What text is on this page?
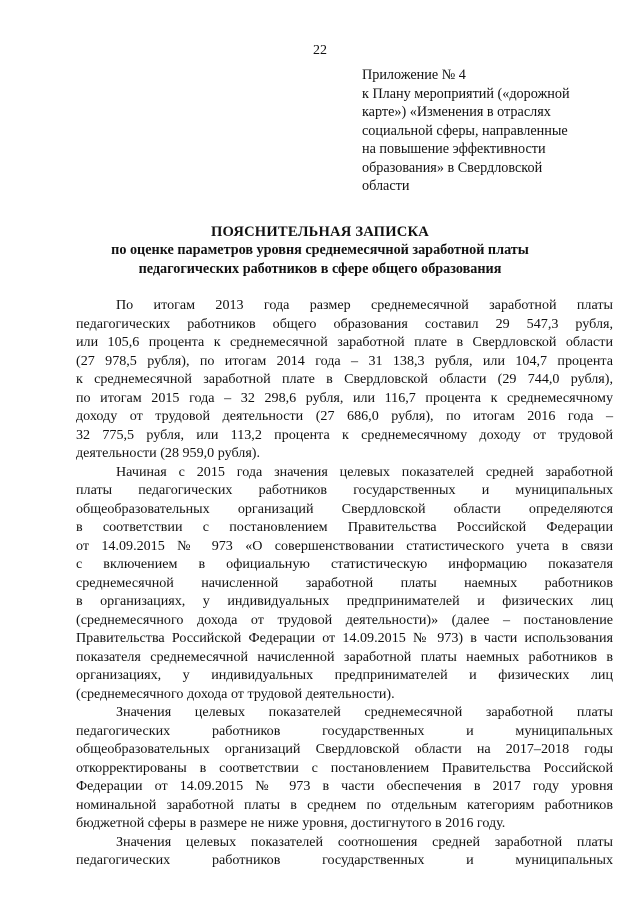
22
Приложение № 4
к Плану мероприятий («дорожной
карте») «Изменения в отраслях
социальной сферы, направленные
на повышение эффективности
образования» в Свердловской
области
ПОЯСНИТЕЛЬНАЯ ЗАПИСКА
по оценке параметров уровня среднемесячной заработной платы
педагогических работников в сфере общего образования
По итогам 2013 года размер среднемесячной заработной платы
педагогических работников общего образования составил 29 547,3 рубля,
или 105,6 процента к среднемесячной заработной плате в Свердловской области
(27 978,5 рубля), по итогам 2014 года – 31 138,3 рубля, или 104,7 процента
к среднемесячной заработной плате в Свердловской области (29 744,0 рубля),
по итогам 2015 года – 32 298,6 рубля, или 116,7 процента к среднемесячному
доходу от трудовой деятельности (27 686,0 рубля), по итогам 2016 года –
32 775,5 рубля, или 113,2 процента к среднемесячному доходу от трудовой
деятельности (28 959,0 рубля).
Начиная с 2015 года значения целевых показателей средней заработной
платы педагогических работников государственных и муниципальных
общеобразовательных организаций Свердловской области определяются
в соответствии с постановлением Правительства Российской Федерации
от 14.09.2015 № 973 «О совершенствовании статистического учета в связи
с включением в официальную статистическую информацию показателя
среднемесячной начисленной заработной платы наемных работников
в организациях, у индивидуальных предпринимателей и физических лиц
(среднемесячного дохода от трудовой деятельности)» (далее – постановление
Правительства Российской Федерации от 14.09.2015 № 973) в части использования
показателя среднемесячной начисленной заработной платы наемных работников в
организациях, у индивидуальных предпринимателей и физических лиц
(среднемесячного дохода от трудовой деятельности).
Значения целевых показателей среднемесячной заработной платы
педагогических работников государственных и муниципальных
общеобразовательных организаций Свердловской области на 2017–2018 годы
откорректированы в соответствии с постановлением Правительства Российской
Федерации от 14.09.2015 № 973 в части обеспечения в 2017 году уровня
номинальной заработной платы в среднем по отдельным категориям работников
бюджетной сферы в размере не ниже уровня, достигнутого в 2016 году.
Значения целевых показателей соотношения средней заработной платы
педагогических работников государственных и муниципальных
